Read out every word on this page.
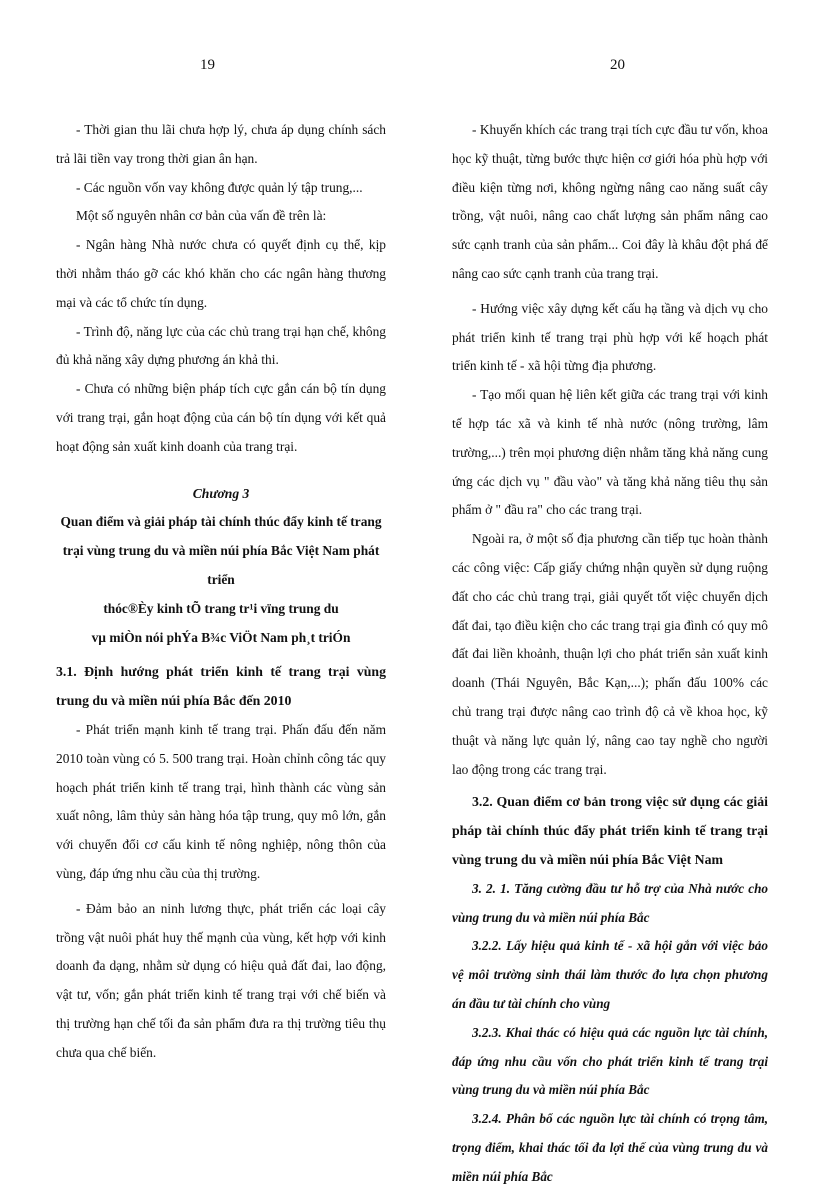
19	20

- Thời gian thu lãi chưa hợp lý, chưa áp dụng chính sách trả lãi tiền vay trong thời gian ân hạn.

- Các nguồn vốn vay không được quản lý tập trung,...

Một số nguyên nhân cơ bản của vấn đề trên là:

- Ngân hàng Nhà nước chưa có quyết định cụ thể, kịp thời nhằm tháo gỡ các khó khăn cho các ngân hàng thương mại và các tổ chức tín dụng.

- Trình độ, năng lực của các chủ trang trại hạn chế, không đủ khả năng xây dựng phương án khả thi.

- Chưa có những biện pháp tích cực gắn cán bộ tín dụng với trang trại, gắn hoạt động của cán bộ tín dụng với kết quả hoạt động sản xuất kinh doanh của trang trại.

Chương 3
Quan điểm và giải pháp tài chính thúc đẩy kinh tế trang trại vùng trung du và miền núi phía Bắc Việt Nam phát triển
thóc®Èy kinh tÕ trang tr¹i vïng trung du
vµ miÒn nói phÝa B¾c ViÖt Nam ph¸t triÓn
3.1. Định hướng phát triển kinh tế trang trại vùng trung du và miền núi phía Bắc đến 2010

- Phát triển mạnh kinh tế trang trại. Phấn đấu đến năm 2010 toàn vùng có 5. 500 trang trại. Hoàn chỉnh công tác quy hoạch phát triển kinh tế trang trại, hình thành các vùng sản xuất nông, lâm thủy sản hàng hóa tập trung, quy mô lớn, gắn với chuyển đổi cơ cấu kinh tế nông nghiệp, nông thôn của vùng, đáp ứng nhu cầu của thị trường.

- Đảm bảo an ninh lương thực, phát triển các loại cây trồng vật nuôi phát huy thế mạnh của vùng, kết hợp với kinh doanh đa dạng, nhằm sử dụng có hiệu quả đất đai, lao động, vật tư, vốn; gắn phát triển kinh tế trang trại với chế biến và thị trường hạn chế tối đa sản phẩm đưa ra thị trường tiêu thụ chưa qua chế biến.

- Khuyến khích các trang trại tích cực đầu tư vốn, khoa học kỹ thuật, từng bước thực hiện cơ giới hóa phù hợp với điều kiện từng nơi, không ngừng nâng cao năng suất cây trồng, vật nuôi, nâng cao chất lượng sản phẩm nâng cao sức cạnh tranh của sản phẩm... Coi đây là khâu đột phá để nâng cao sức cạnh tranh của trang trại.

- Hướng việc xây dựng kết cấu hạ tầng và dịch vụ cho phát triển kinh tế trang trại phù hợp với kế hoạch phát triển kinh tế - xã hội từng địa phương.

- Tạo mối quan hệ liên kết giữa các trang trại với kinh tế hợp tác xã và kinh tế nhà nước (nông trường, lâm trường,...) trên mọi phương diện nhằm tăng khả năng cung ứng các dịch vụ " đầu vào" và tăng khả năng tiêu thụ sản phẩm ở " đầu ra" cho các trang trại.

Ngoài ra, ở một số địa phương cần tiếp tục hoàn thành các công việc: Cấp giấy chứng nhận quyền sử dụng ruộng đất cho các chủ trang trại, giải quyết tốt việc chuyển dịch đất đai, tạo điều kiện cho các trang trại gia đình có quy mô đất đai liền khoảnh, thuận lợi cho phát triển sản xuất kinh doanh (Thái Nguyên, Bắc Kạn,...); phấn đấu 100% các chủ trang trại được nâng cao trình độ cả về khoa học, kỹ thuật và năng lực quản lý, nâng cao tay nghề cho người lao động trong các trang trại.

3.2. Quan điểm cơ bản trong việc sử dụng các giải pháp tài chính thúc đẩy phát triển kinh tế trang trại vùng trung du và miền núi phía Bắc Việt Nam
3. 2. 1. Tăng cường đầu tư hỗ trợ của Nhà nước cho vùng trung du và miền núi phía Bắc
3.2.2. Lấy hiệu quả kinh tế - xã hội gắn với việc bảo vệ môi trường sinh thái làm thước đo lựa chọn phương án đầu tư tài chính cho vùng
3.2.3. Khai thác có hiệu quả các nguồn lực tài chính, đáp ứng nhu cầu vốn cho phát triển kinh tế trang trại vùng trung du và miền núi phía Bắc
3.2.4. Phân bổ các nguồn lực tài chính có trọng tâm, trọng điểm, khai thác tối đa lợi thế của vùng trung du và miền núi phía Bắc
